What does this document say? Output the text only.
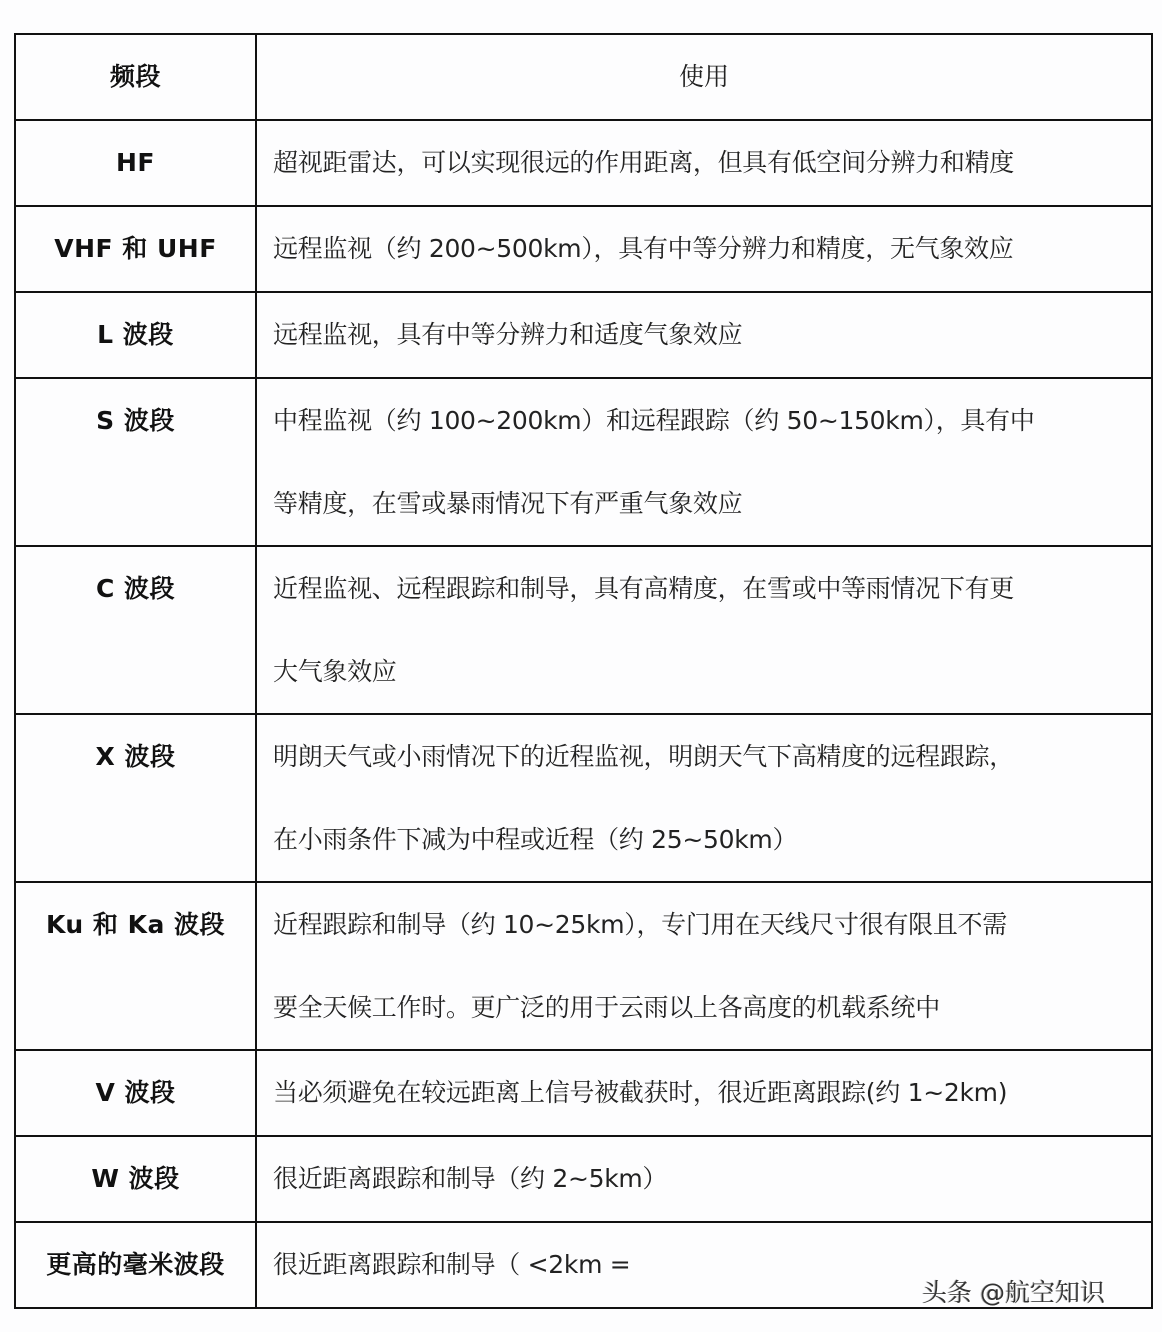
频段	使用
HF	超视距雷达，可以实现很远的作用距离，但具有低空间分辨力和精度

VHF 和 UHF	远程监视（约 200~500km），具有中等分辨力和精度，无气象效应

L 波段	远程监视，具有中等分辨力和适度气象效应

S 波段	中程监视（约 100~200km）和远程跟踪（约 50~150km），具有中
等精度，在雪或暴雨情况下有严重气象效应

C 波段	近程监视、远程跟踪和制导，具有高精度，在雪或中等雨情况下有更
大气象效应

X 波段	明朗天气或小雨情况下的近程监视，明朗天气下高精度的远程跟踪，
在小雨条件下减为中程或近程（约 25~50km）

Ku 和 Ka 波段	近程跟踪和制导（约 10~25km），专门用在天线尺寸很有限且不需
要全天候工作时。更广泛的用于云雨以上各高度的机载系统中

V 波段	当必须避免在较远距离上信号被截获时，很近距离跟踪(约 1~2km)

W 波段	很近距离跟踪和制导（约 2~5km）

更高的毫米波段	很近距离跟踪和制导（ <2km =
头条 @航空知识
